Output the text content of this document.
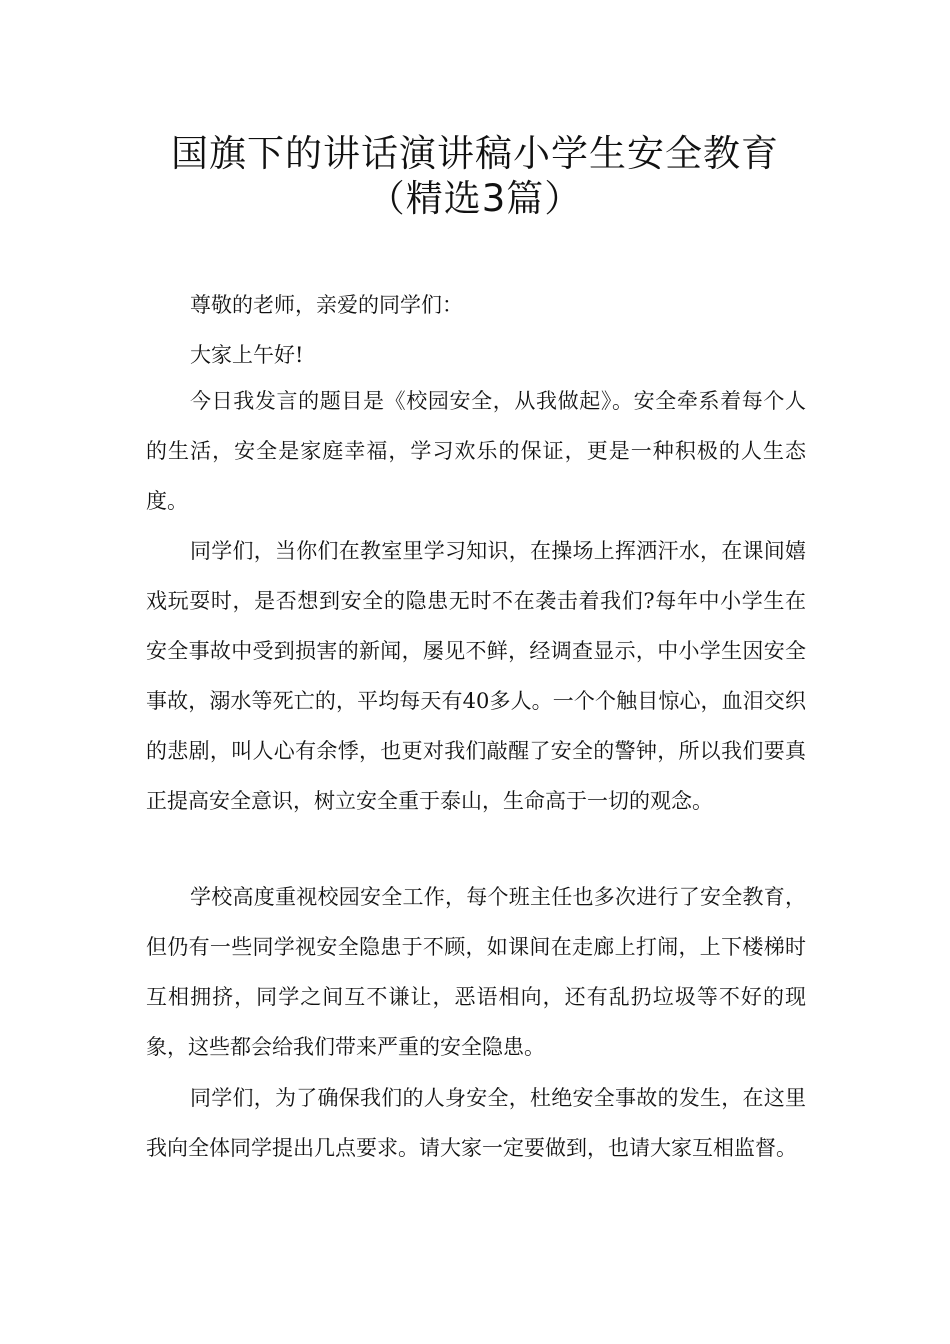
国旗下的讲话演讲稿小学生安全教育
（精选3篇）

尊敬的老师，亲爱的同学们：

大家上午好!

今日我发言的题目是《校园安全，从我做起》。安全牵系着每个人的生活，安全是家庭幸福，学习欢乐的保证，更是一种积极的人生态度。

同学们，当你们在教室里学习知识，在操场上挥洒汗水，在课间嬉戏玩耍时，是否想到安全的隐患无时不在袭击着我们?每年中小学生在安全事故中受到损害的新闻，屡见不鲜，经调查显示，中小学生因安全事故，溺水等死亡的，平均每天有40多人。一个个触目惊心，血泪交织的悲剧，叫人心有余悸，也更对我们敲醒了安全的警钟，所以我们要真正提高安全意识，树立安全重于泰山，生命高于一切的观念。

学校高度重视校园安全工作，每个班主任也多次进行了安全教育，但仍有一些同学视安全隐患于不顾，如课间在走廊上打闹，上下楼梯时互相拥挤，同学之间互不谦让，恶语相向，还有乱扔垃圾等不好的现象，这些都会给我们带来严重的安全隐患。

同学们，为了确保我们的人身安全，杜绝安全事故的发生，在这里我向全体同学提出几点要求。请大家一定要做到，也请大家互相监督。
